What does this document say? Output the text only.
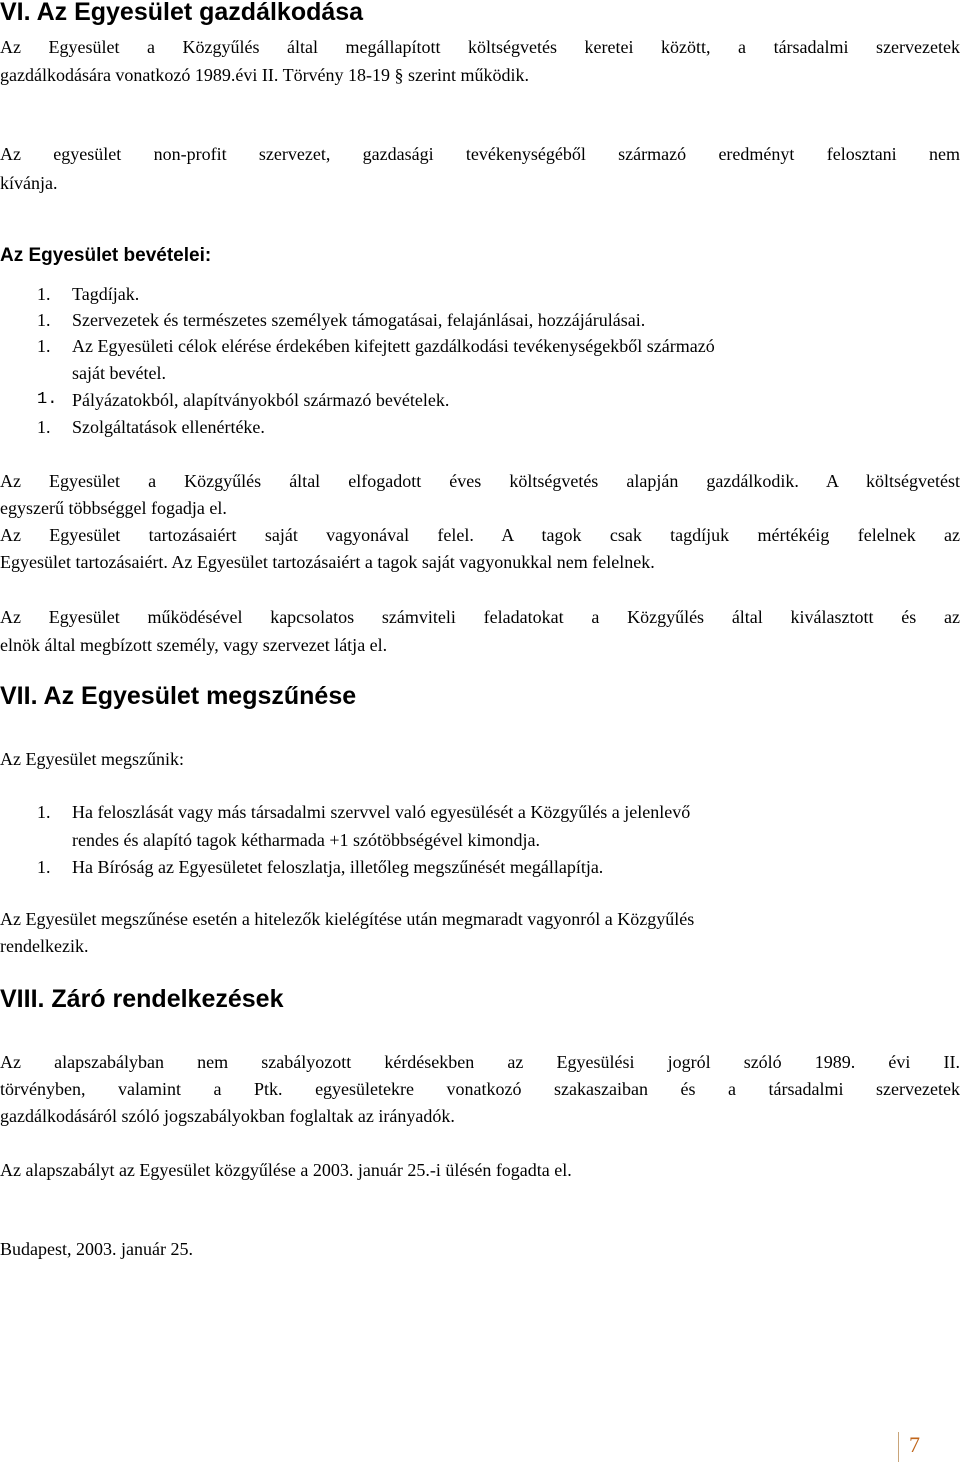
VI. Az Egyesület gazdálkodása

Az Egyesület a Közgyűlés által megállapított költségvetés keretei között, a társadalmi szervezetek

gazdálkodására vonatkozó 1989.évi II. Törvény 18-19 § szerint működik.

Az egyesület non-profit szervezet, gazdasági tevékenységéből származó eredményt felosztani nem

kívánja.

Az Egyesület bevételei:
1. Tagdíjak.
1. Szervezetek és természetes személyek támogatásai, felajánlásai, hozzájárulásai.
1. Az Egyesületi célok elérése érdekében kifejtett gazdálkodási tevékenységekből származó
saját bevétel.
1. Pályázatokból, alapítványokból származó bevételek.
1. Szolgáltatások ellenértéke.

Az Egyesület a Közgyűlés által elfogadott éves költségvetés alapján gazdálkodik. A költségvetést

egyszerű többséggel fogadja el.

Az Egyesület tartozásaiért saját vagyonával felel. A tagok csak tagdíjuk mértékéig felelnek az

Egyesület tartozásaiért. Az Egyesület tartozásaiért a tagok saját vagyonukkal nem felelnek.

Az Egyesület működésével kapcsolatos számviteli feladatokat a Közgyűlés által kiválasztott és az

elnök által megbízott személy, vagy szervezet látja el.

VII. Az Egyesület megszűnése

Az Egyesület megszűnik:

1. Ha feloszlását vagy más társadalmi szervvel való egyesülését a Közgyűlés a jelenlevő
rendes és alapító tagok kétharmada +1 szótöbbségével kimondja.
1. Ha Bíróság az Egyesületet feloszlatja, illetőleg megszűnését megállapítja.

Az Egyesület megszűnése esetén a hitelezők kielégítése után megmaradt vagyonról a Közgyűlés

rendelkezik.

VIII. Záró rendelkezések

Az alapszabályban nem szabályozott kérdésekben az Egyesülési jogról szóló 1989. évi II.

törvényben, valamint a Ptk. egyesületekre vonatkozó szakaszaiban és a társadalmi szervezetek

gazdálkodásáról szóló jogszabályokban foglaltak az irányadók.

Az alapszabályt az Egyesület közgyűlése a 2003. január 25.-i ülésén fogadta el.

Budapest, 2003. január 25.

7
